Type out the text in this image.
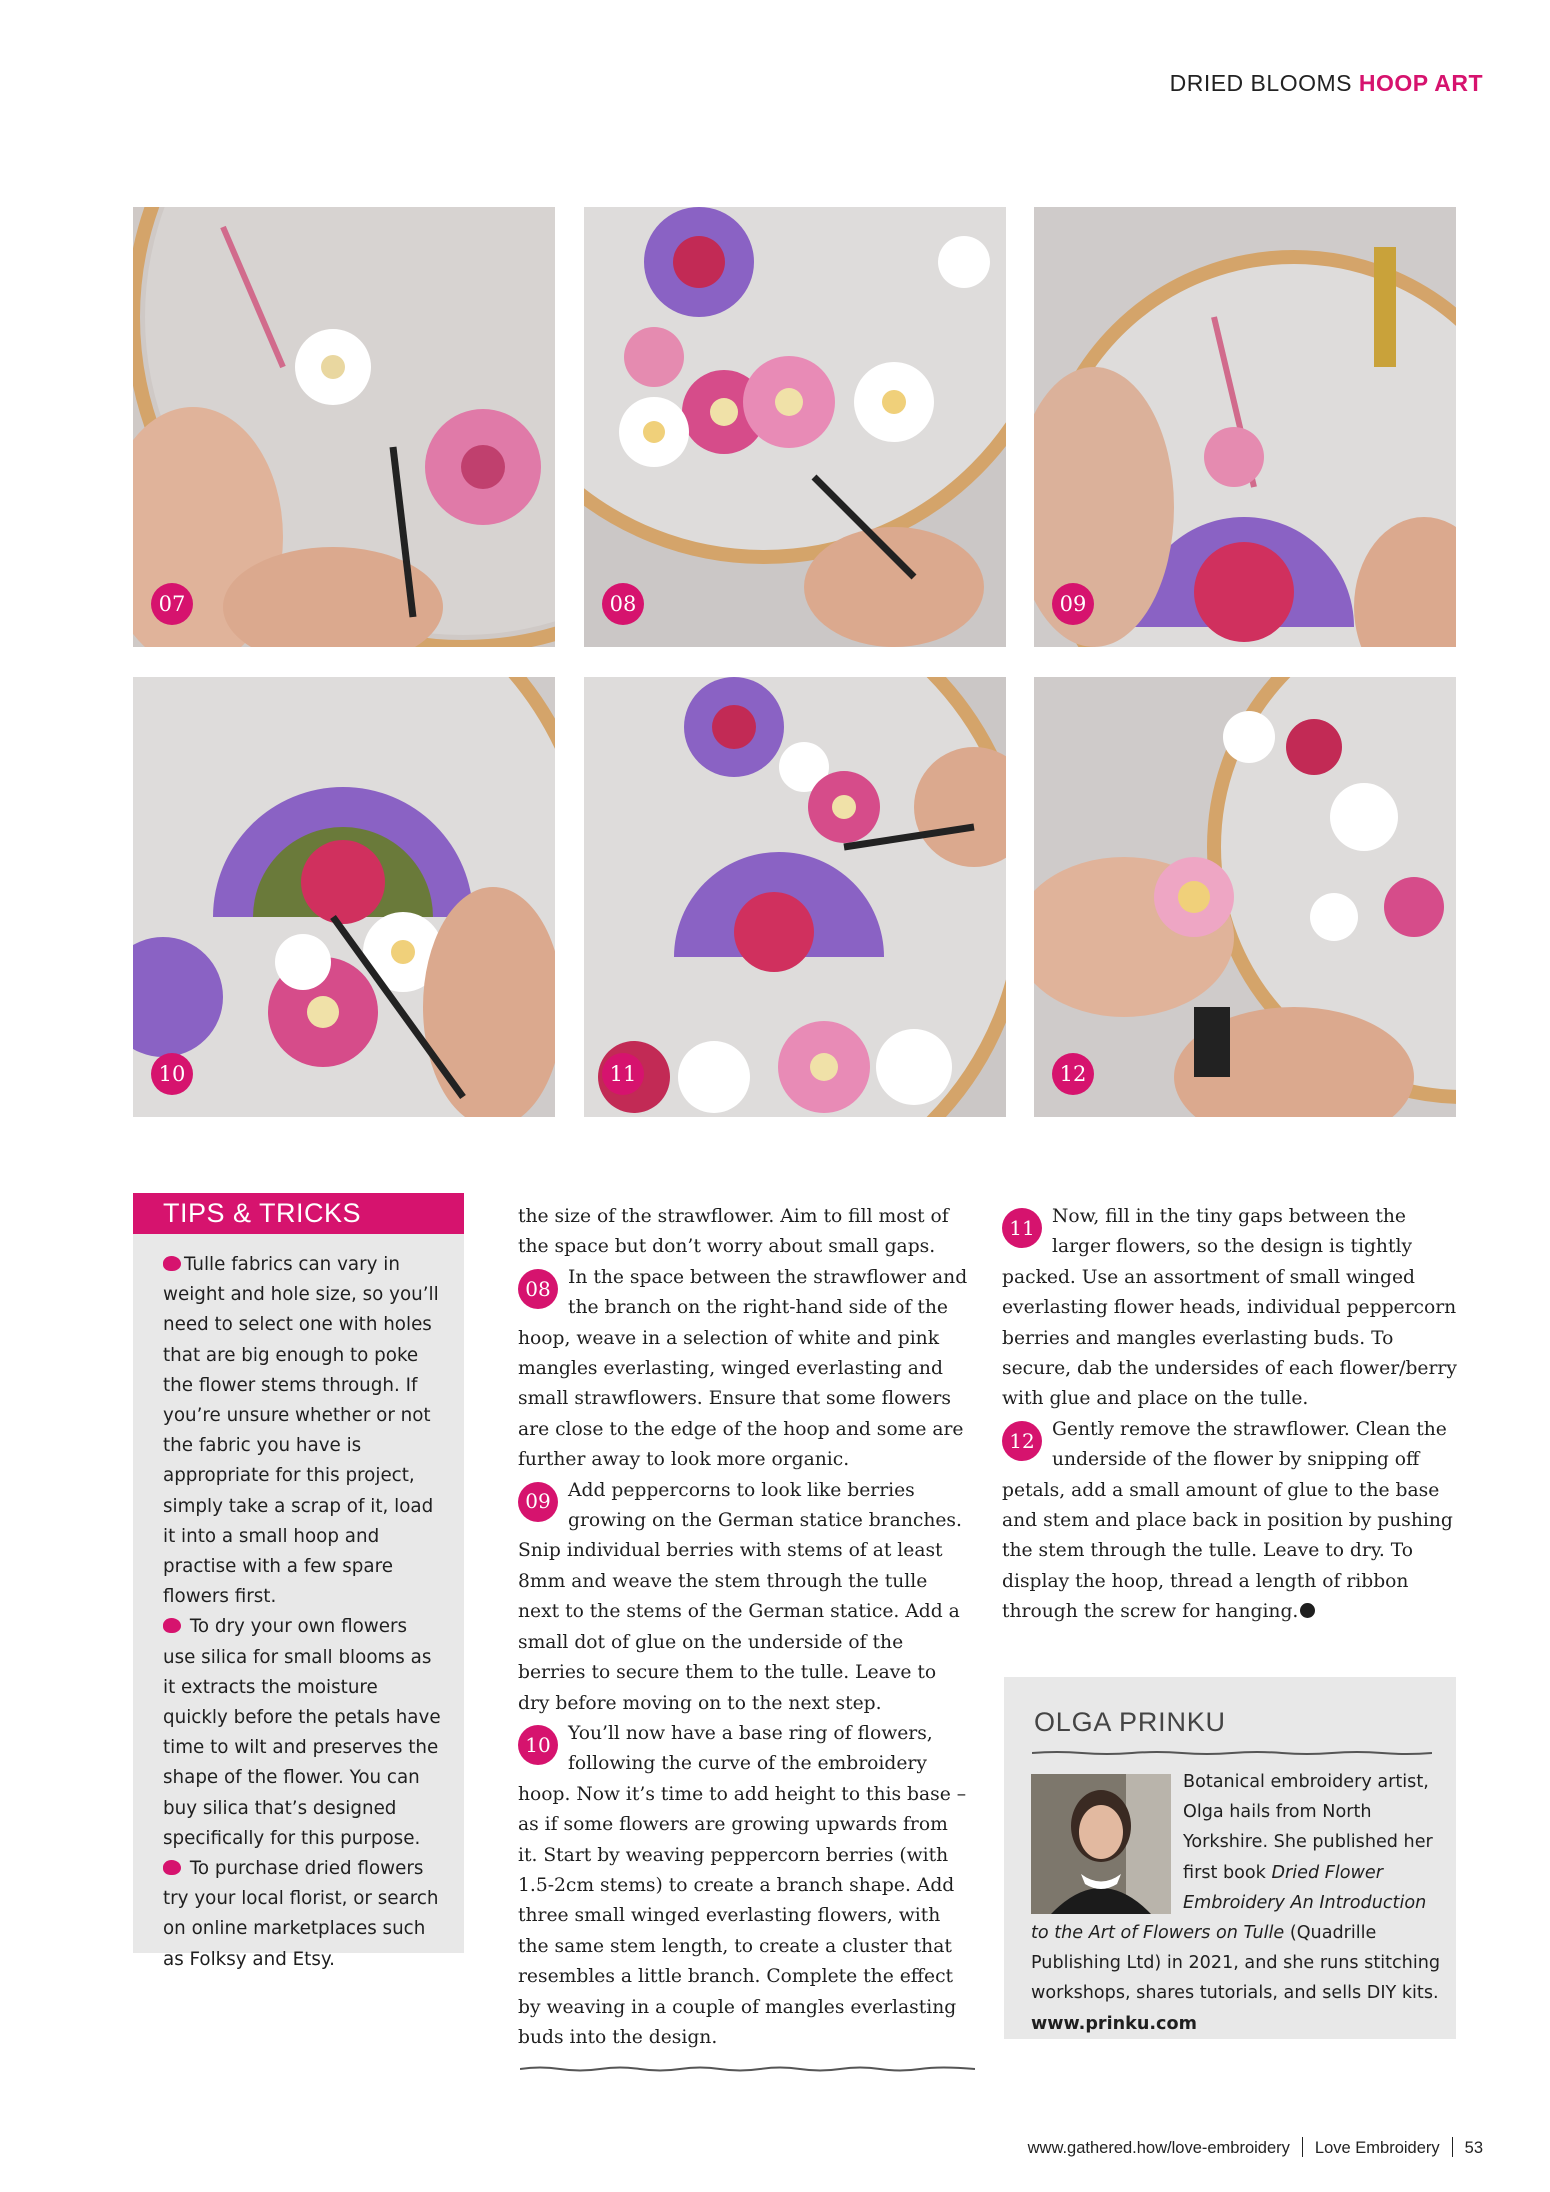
DRIED BLOOMS HOOP ART
07	08	09
10	11	12
TIPS & TRICKS

Tulle fabrics can vary in weight and hole size, so you’ll need to select one with holes that are big enough to poke the flower stems through. If you’re unsure whether or not the fabric you have is appropriate for this project, simply take a scrap of it, load it into a small hoop and practise with a few spare flowers first.

To dry your own flowers use silica for small blooms as it extracts the moisture quickly before the petals have time to wilt and preserves the shape of the flower. You can buy silica that’s designed specifically for this purpose.

To purchase dried flowers try your local florist, or search on online marketplaces such as Folksy and Etsy.

the size of the strawflower. Aim to fill most of the space but don’t worry about small gaps.

08 In the space between the strawflower and the branch on the right-hand side of the hoop, weave in a selection of white and pink mangles everlasting, winged everlasting and small strawflowers. Ensure that some flowers are close to the edge of the hoop and some are further away to look more organic.

09 Add peppercorns to look like berries growing on the German statice branches. Snip individual berries with stems of at least 8mm and weave the stem through the tulle next to the stems of the German statice. Add a small dot of glue on the underside of the berries to secure them to the tulle. Leave to dry before moving on to the next step.

10 You’ll now have a base ring of flowers, following the curve of the embroidery hoop. Now it’s time to add height to this base – as if some flowers are growing upwards from it. Start by weaving peppercorn berries (with 1.5-2cm stems) to create a branch shape. Add three small winged everlasting flowers, with the same stem length, to create a cluster that resembles a little branch. Complete the effect by weaving in a couple of mangles everlasting buds into the design.

11 Now, fill in the tiny gaps between the larger flowers, so the design is tightly packed. Use an assortment of small winged everlasting flower heads, individual peppercorn berries and mangles everlasting buds. To secure, dab the undersides of each flower/berry with glue and place on the tulle.

12 Gently remove the strawflower. Clean the underside of the flower by snipping off petals, add a small amount of glue to the base and stem and place back in position by pushing the stem through the tulle. Leave to dry. To display the hoop, thread a length of ribbon through the screw for hanging.

OLGA PRINKU
Botanical embroidery artist, Olga hails from North Yorkshire. She published her first book Dried Flower Embroidery An Introduction to the Art of Flowers on Tulle (Quadrille Publishing Ltd) in 2021, and she runs stitching workshops, shares tutorials, and sells DIY kits.
www.prinku.com
www.gathered.how/love-embroidery Love Embroidery 53
